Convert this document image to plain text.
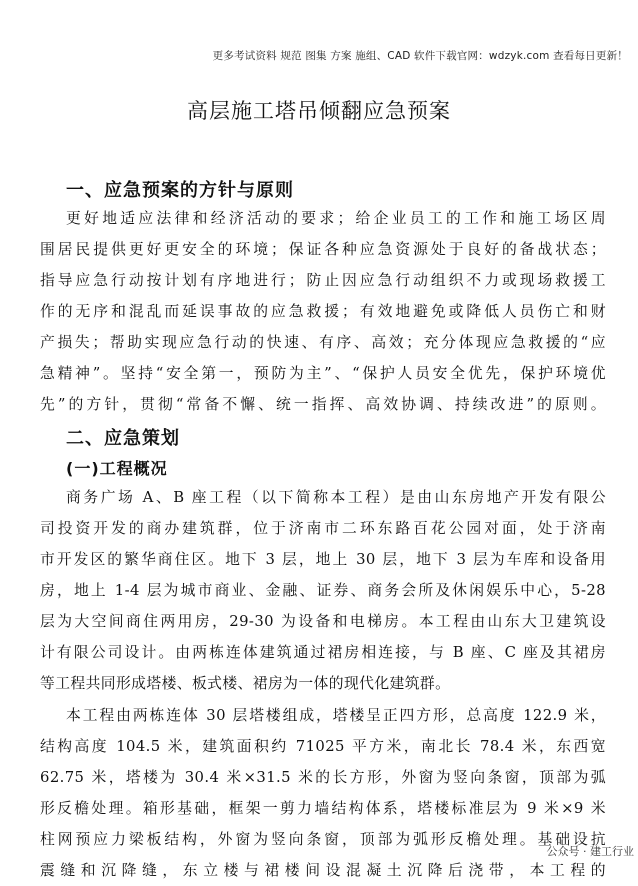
更多考试资料 规范 图集 方案 施组、CAD 软件下载官网：wdzyk.com 查看每日更新！
高层施工塔吊倾翻应急预案
一、应急预案的方针与原则
更好地适应法律和经济活动的要求；给企业员工的工作和施工场区周
围居民提供更好更安全的环境；保证各种应急资源处于良好的备战状态；
指导应急行动按计划有序地进行；防止因应急行动组织不力或现场救援工
作的无序和混乱而延误事故的应急救援；有效地避免或降低人员伤亡和财
产损失；帮助实现应急行动的快速、有序、高效；充分体现应急救援的“应
急精神”。坚持“安全第一，预防为主”、“保护人员安全优先，保护环境优
先”的方针，贯彻“常备不懈、统一指挥、高效协调、持续改进”的原则。
二、应急策划
(一)工程概况
商务广场 A、B 座工程（以下简称本工程）是由山东房地产开发有限公
司投资开发的商办建筑群，位于济南市二环东路百花公园对面，处于济南
市开发区的繁华商住区。地下 3 层，地上 30 层，地下 3 层为车库和设备用
房，地上 1-4 层为城市商业、金融、证券、商务会所及休闲娱乐中心，5-28
层为大空间商住两用房，29-30 为设备和电梯房。本工程由山东大卫建筑设
计有限公司设计。由两栋连体建筑通过裙房相连接，与 B 座、C 座及其裙房
等工程共同形成塔楼、板式楼、裙房为一体的现代化建筑群。
本工程由两栋连体 30 层塔楼组成，塔楼呈正四方形，总高度 122.9 米，
结构高度 104.5 米，建筑面积约 71025 平方米，南北长 78.4 米，东西宽
62.75 米，塔楼为 30.4 米×31.5 米的长方形，外窗为竖向条窗，顶部为弧
形反檐处理。箱形基础，框架一剪力墙结构体系，塔楼标准层为 9 米×9 米
柱网预应力梁板结构，外窗为竖向条窗，顶部为弧形反檐处理。基础设抗
震缝和沉降缝，东立楼与裙楼间设混凝土沉降后浇带，本工程的
公众号 · 建工行业
